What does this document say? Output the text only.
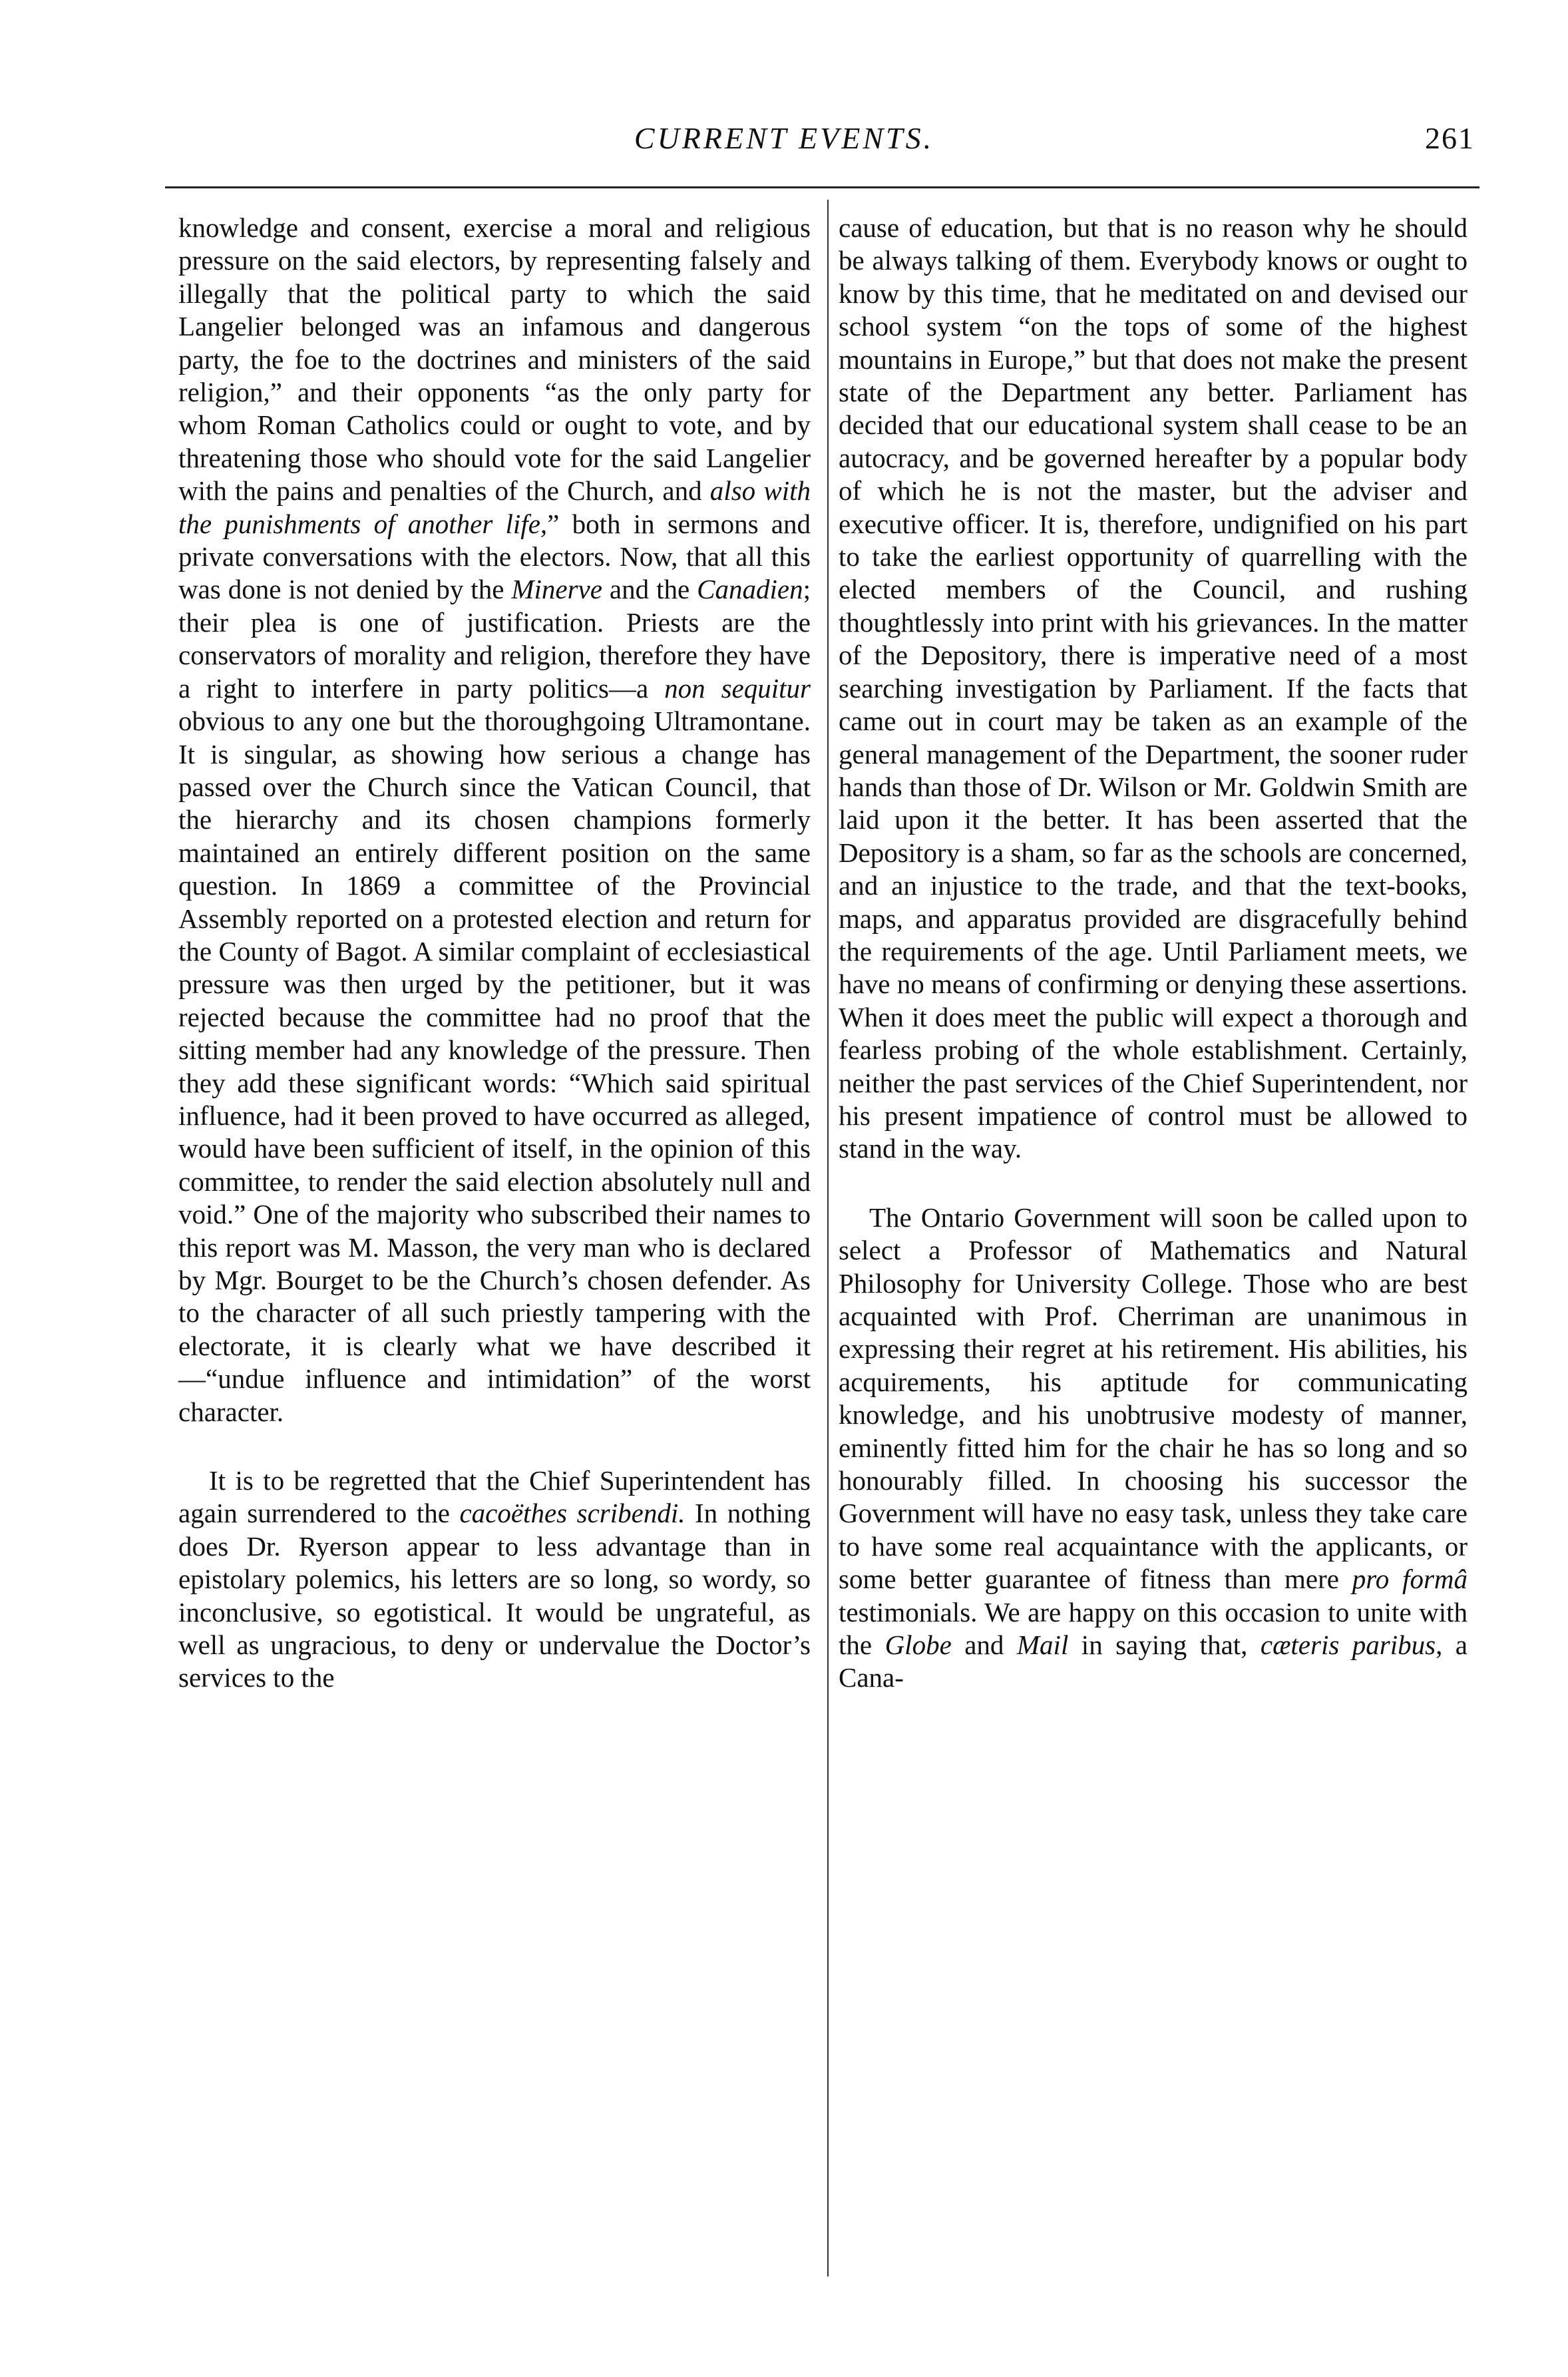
CURRENT EVENTS.	261

knowledge and consent, exercise a moral and religious pressure on the said electors, by representing falsely and illegally that the political party to which the said Langelier belonged was an infamous and dangerous party, the foe to the doctrines and ministers of the said religion,” and their opponents “as the only party for whom Roman Catholics could or ought to vote, and by threatening those who should vote for the said Langelier with the pains and penalties of the Church, and also with the punishments of another life,” both in sermons and private conversations with the electors. Now, that all this was done is not denied by the Minerve and the Canadien; their plea is one of justification. Priests are the conservators of morality and religion, therefore they have a right to interfere in party politics—a non sequitur obvious to any one but the thoroughgoing Ultramontane. It is singular, as showing how serious a change has passed over the Church since the Vatican Council, that the hierarchy and its chosen champions formerly maintained an entirely different position on the same question. In 1869 a committee of the Provincial Assembly reported on a protested election and return for the County of Bagot. A similar complaint of ecclesiastical pressure was then urged by the petitioner, but it was rejected because the committee had no proof that the sitting member had any knowledge of the pressure. Then they add these significant words: “Which said spiritual influence, had it been proved to have occurred as alleged, would have been sufficient of itself, in the opinion of this committee, to render the said election absolutely null and void.” One of the majority who subscribed their names to this report was M. Masson, the very man who is declared by Mgr. Bourget to be the Church’s chosen defender. As to the character of all such priestly tampering with the electorate, it is clearly what we have described it—“undue influence and intimidation” of the worst character.

It is to be regretted that the Chief Superintendent has again surrendered to the cacoëthes scribendi. In nothing does Dr. Ryerson appear to less advantage than in epistolary polemics, his letters are so long, so wordy, so inconclusive, so egotistical. It would be ungrateful, as well as ungracious, to deny or undervalue the Doctor’s services to the

cause of education, but that is no reason why he should be always talking of them. Everybody knows or ought to know by this time, that he meditated on and devised our school system “on the tops of some of the highest mountains in Europe,” but that does not make the present state of the Department any better. Parliament has decided that our educational system shall cease to be an autocracy, and be governed hereafter by a popular body of which he is not the master, but the adviser and executive officer. It is, therefore, undignified on his part to take the earliest opportunity of quarrelling with the elected members of the Council, and rushing thoughtlessly into print with his grievances. In the matter of the Depository, there is imperative need of a most searching investigation by Parliament. If the facts that came out in court may be taken as an example of the general management of the Department, the sooner ruder hands than those of Dr. Wilson or Mr. Goldwin Smith are laid upon it the better. It has been asserted that the Depository is a sham, so far as the schools are concerned, and an injustice to the trade, and that the text-books, maps, and apparatus provided are disgracefully behind the requirements of the age. Until Parliament meets, we have no means of confirming or denying these assertions. When it does meet the public will expect a thorough and fearless probing of the whole establishment. Certainly, neither the past services of the Chief Superintendent, nor his present impatience of control must be allowed to stand in the way.

The Ontario Government will soon be called upon to select a Professor of Mathematics and Natural Philosophy for University College. Those who are best acquainted with Prof. Cherriman are unanimous in expressing their regret at his retirement. His abilities, his acquirements, his aptitude for communicating knowledge, and his unobtrusive modesty of manner, eminently fitted him for the chair he has so long and so honourably filled. In choosing his successor the Government will have no easy task, unless they take care to have some real acquaintance with the applicants, or some better guarantee of fitness than mere pro formâ testimonials. We are happy on this occasion to unite with the Globe and Mail in saying that, cæteris paribus, a Cana-
